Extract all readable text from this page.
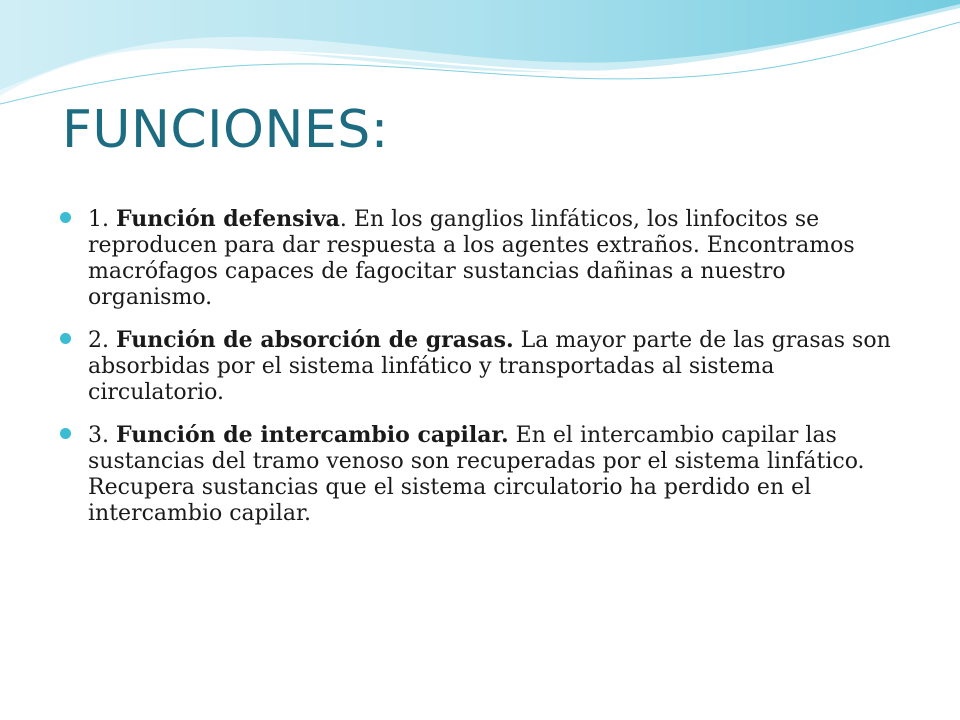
FUNCIONES:
1. Función defensiva. En los ganglios linfáticos, los linfocitos se reproducen para dar respuesta a los agentes extraños. Encontramos macrófagos capaces de fagocitar sustancias dañinas a nuestro organismo.
2. Función de absorción de grasas. La mayor parte de las grasas son absorbidas por el sistema linfático y transportadas al sistema circulatorio.
3. Función de intercambio capilar. En el intercambio capilar las sustancias del tramo venoso son recuperadas por el sistema linfático. Recupera sustancias que el sistema circulatorio ha perdido en el intercambio capilar.
